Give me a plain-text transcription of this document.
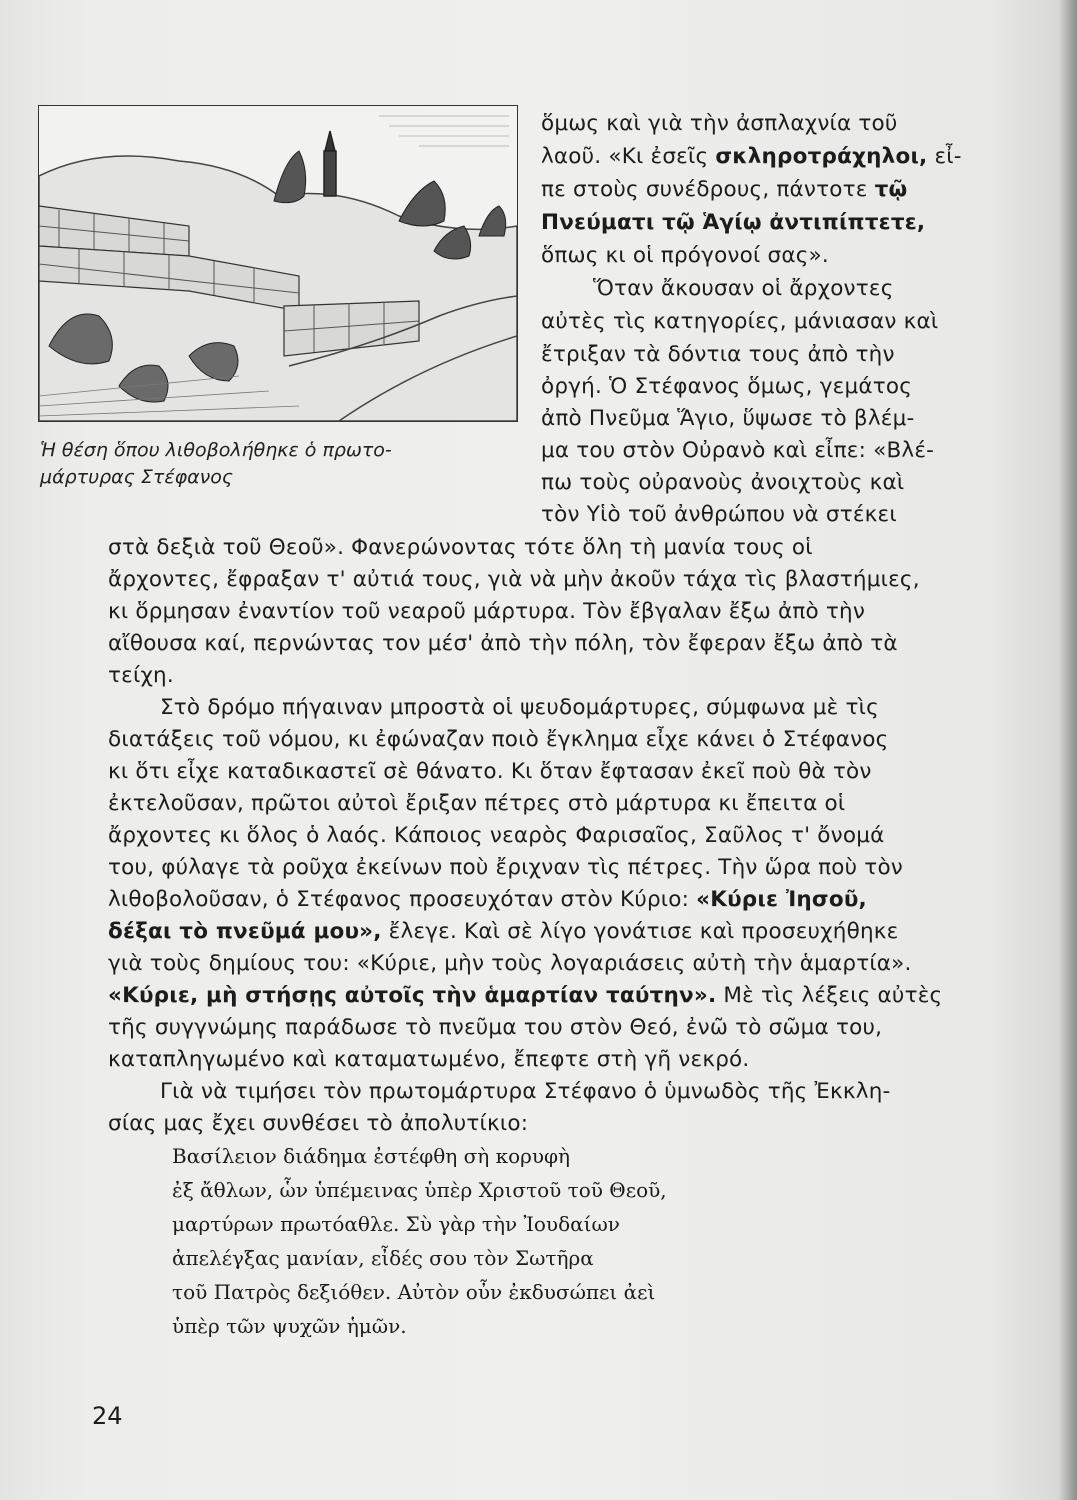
Ἡ θέση ὅπου λιθοβολήθηκε ὁ πρωτο-
μάρτυρας Στέφανος
ὅμως καὶ γιὰ τὴν ἀσπλαχνία τοῦ
λαοῦ. «Κι ἐσεῖς σκληροτράχηλοι, εἶ-
πε στοὺς συνέδρους, πάντοτε τῷ
Πνεύματι τῷ Ἁγίῳ ἀντιπίπτετε,
ὅπως κι οἱ πρόγονοί σας».
Ὅταν ἄκουσαν οἱ ἄρχοντες
αὐτὲς τὶς κατηγορίες, μάνιασαν καὶ
ἔτριξαν τὰ δόντια τους ἀπὸ τὴν
ὀργή. Ὁ Στέφανος ὅμως, γεμάτος
ἀπὸ Πνεῦμα Ἅγιο, ὕψωσε τὸ βλέμ-
μα του στὸν Οὐρανὸ καὶ εἶπε: «Βλέ-
πω τοὺς οὐρανοὺς ἀνοιχτοὺς καὶ
τὸν Υἱὸ τοῦ ἀνθρώπου νὰ στέκει
στὰ δεξιὰ τοῦ Θεοῦ». Φανερώνοντας τότε ὅλη τὴ μανία τους οἱ
ἄρχοντες, ἔφραξαν τ' αὐτιά τους, γιὰ νὰ μὴν ἀκοῦν τάχα τὶς βλαστήμιες,
κι ὅρμησαν ἐναντίον τοῦ νεαροῦ μάρτυρα. Τὸν ἔβγαλαν ἔξω ἀπὸ τὴν
αἴθουσα καί, περνώντας τον μέσ' ἀπὸ τὴν πόλη, τὸν ἔφεραν ἔξω ἀπὸ τὰ
τείχη.
Στὸ δρόμο πήγαιναν μπροστὰ οἱ ψευδομάρτυρες, σύμφωνα μὲ τὶς
διατάξεις τοῦ νόμου, κι ἐφώναζαν ποιὸ ἔγκλημα εἶχε κάνει ὁ Στέφανος
κι ὅτι εἶχε καταδικαστεῖ σὲ θάνατο. Κι ὅταν ἔφτασαν ἐκεῖ ποὺ θὰ τὸν
ἐκτελοῦσαν, πρῶτοι αὐτοὶ ἔριξαν πέτρες στὸ μάρτυρα κι ἔπειτα οἱ
ἄρχοντες κι ὅλος ὁ λαός. Κάποιος νεαρὸς Φαρισαῖος, Σαῦλος τ' ὄνομά
του, φύλαγε τὰ ροῦχα ἐκείνων ποὺ ἔριχναν τὶς πέτρες. Τὴν ὥρα ποὺ τὸν
λιθοβολοῦσαν, ὁ Στέφανος προσευχόταν στὸν Κύριο: «Κύριε Ἰησοῦ,
δέξαι τὸ πνεῦμά μου», ἔλεγε. Καὶ σὲ λίγο γονάτισε καὶ προσευχήθηκε
γιὰ τοὺς δημίους του: «Κύριε, μὴν τοὺς λογαριάσεις αὐτὴ τὴν ἁμαρτία».
«Κύριε, μὴ στήσῃς αὐτοῖς τὴν ἁμαρτίαν ταύτην». Μὲ τὶς λέξεις αὐτὲς
τῆς συγγνώμης παράδωσε τὸ πνεῦμα του στὸν Θεό, ἐνῶ τὸ σῶμα του,
καταπληγωμένο καὶ καταματωμένο, ἔπεφτε στὴ γῆ νεκρό.
Γιὰ νὰ τιμήσει τὸν πρωτομάρτυρα Στέφανο ὁ ὑμνωδὸς τῆς Ἐκκλη-
σίας μας ἔχει συνθέσει τὸ ἀπολυτίκιο:
Βασίλειον διάδημα ἐστέφθη σὴ κορυφὴ
ἐξ ἄθλων, ὧν ὑπέμεινας ὑπὲρ Χριστοῦ τοῦ Θεοῦ,
μαρτύρων πρωτόαθλε. Σὺ γὰρ τὴν Ἰουδαίων
ἀπελέγξας μανίαν, εἶδές σου τὸν Σωτῆρα
τοῦ Πατρὸς δεξιόθεν. Αὐτὸν οὖν ἐκδυσώπει ἀεὶ
ὑπὲρ τῶν ψυχῶν ἡμῶν.
24
